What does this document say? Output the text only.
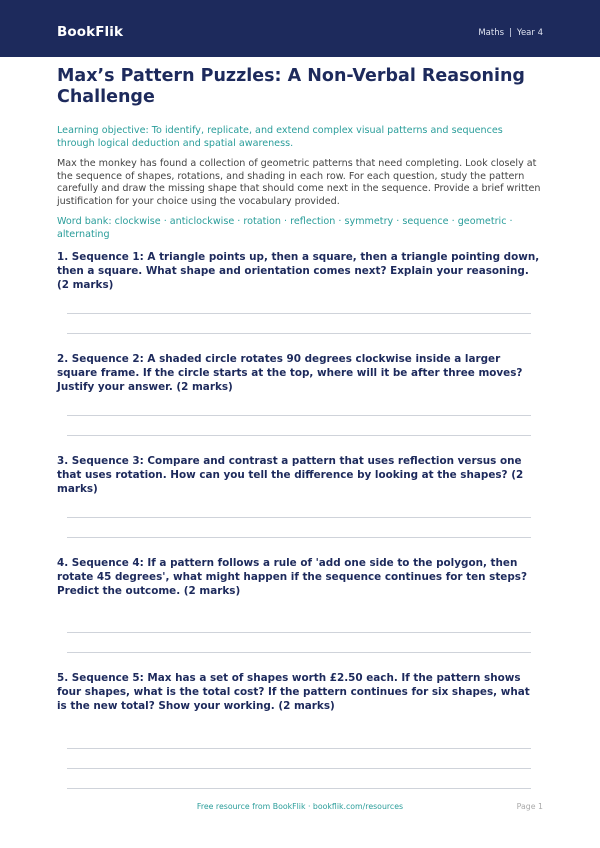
BookFlik	Maths | Year 4
Max’s Pattern Puzzles: A Non-Verbal Reasoning Challenge

Learning objective: To identify, replicate, and extend complex visual patterns and sequences through logical deduction and spatial awareness.

Max the monkey has found a collection of geometric patterns that need completing. Look closely at the sequence of shapes, rotations, and shading in each row. For each question, study the pattern carefully and draw the missing shape that should come next in the sequence. Provide a brief written justification for your choice using the vocabulary provided.

Word bank: clockwise · anticlockwise · rotation · reflection · symmetry · sequence · geometric · alternating

1. Sequence 1: A triangle points up, then a square, then a triangle pointing down, then a square. What shape and orientation comes next? Explain your reasoning. (2 marks)

2. Sequence 2: A shaded circle rotates 90 degrees clockwise inside a larger square frame. If the circle starts at the top, where will it be after three moves? Justify your answer. (2 marks)

3. Sequence 3: Compare and contrast a pattern that uses reflection versus one that uses rotation. How can you tell the difference by looking at the shapes? (2 marks)

4. Sequence 4: If a pattern follows a rule of 'add one side to the polygon, then rotate 45 degrees', what might happen if the sequence continues for ten steps? Predict the outcome. (2 marks)

5. Sequence 5: Max has a set of shapes worth £2.50 each. If the pattern shows four shapes, what is the total cost? If the pattern continues for six shapes, what is the new total? Show your working. (2 marks)

Free resource from BookFlik · bookflik.com/resources	Page 1
